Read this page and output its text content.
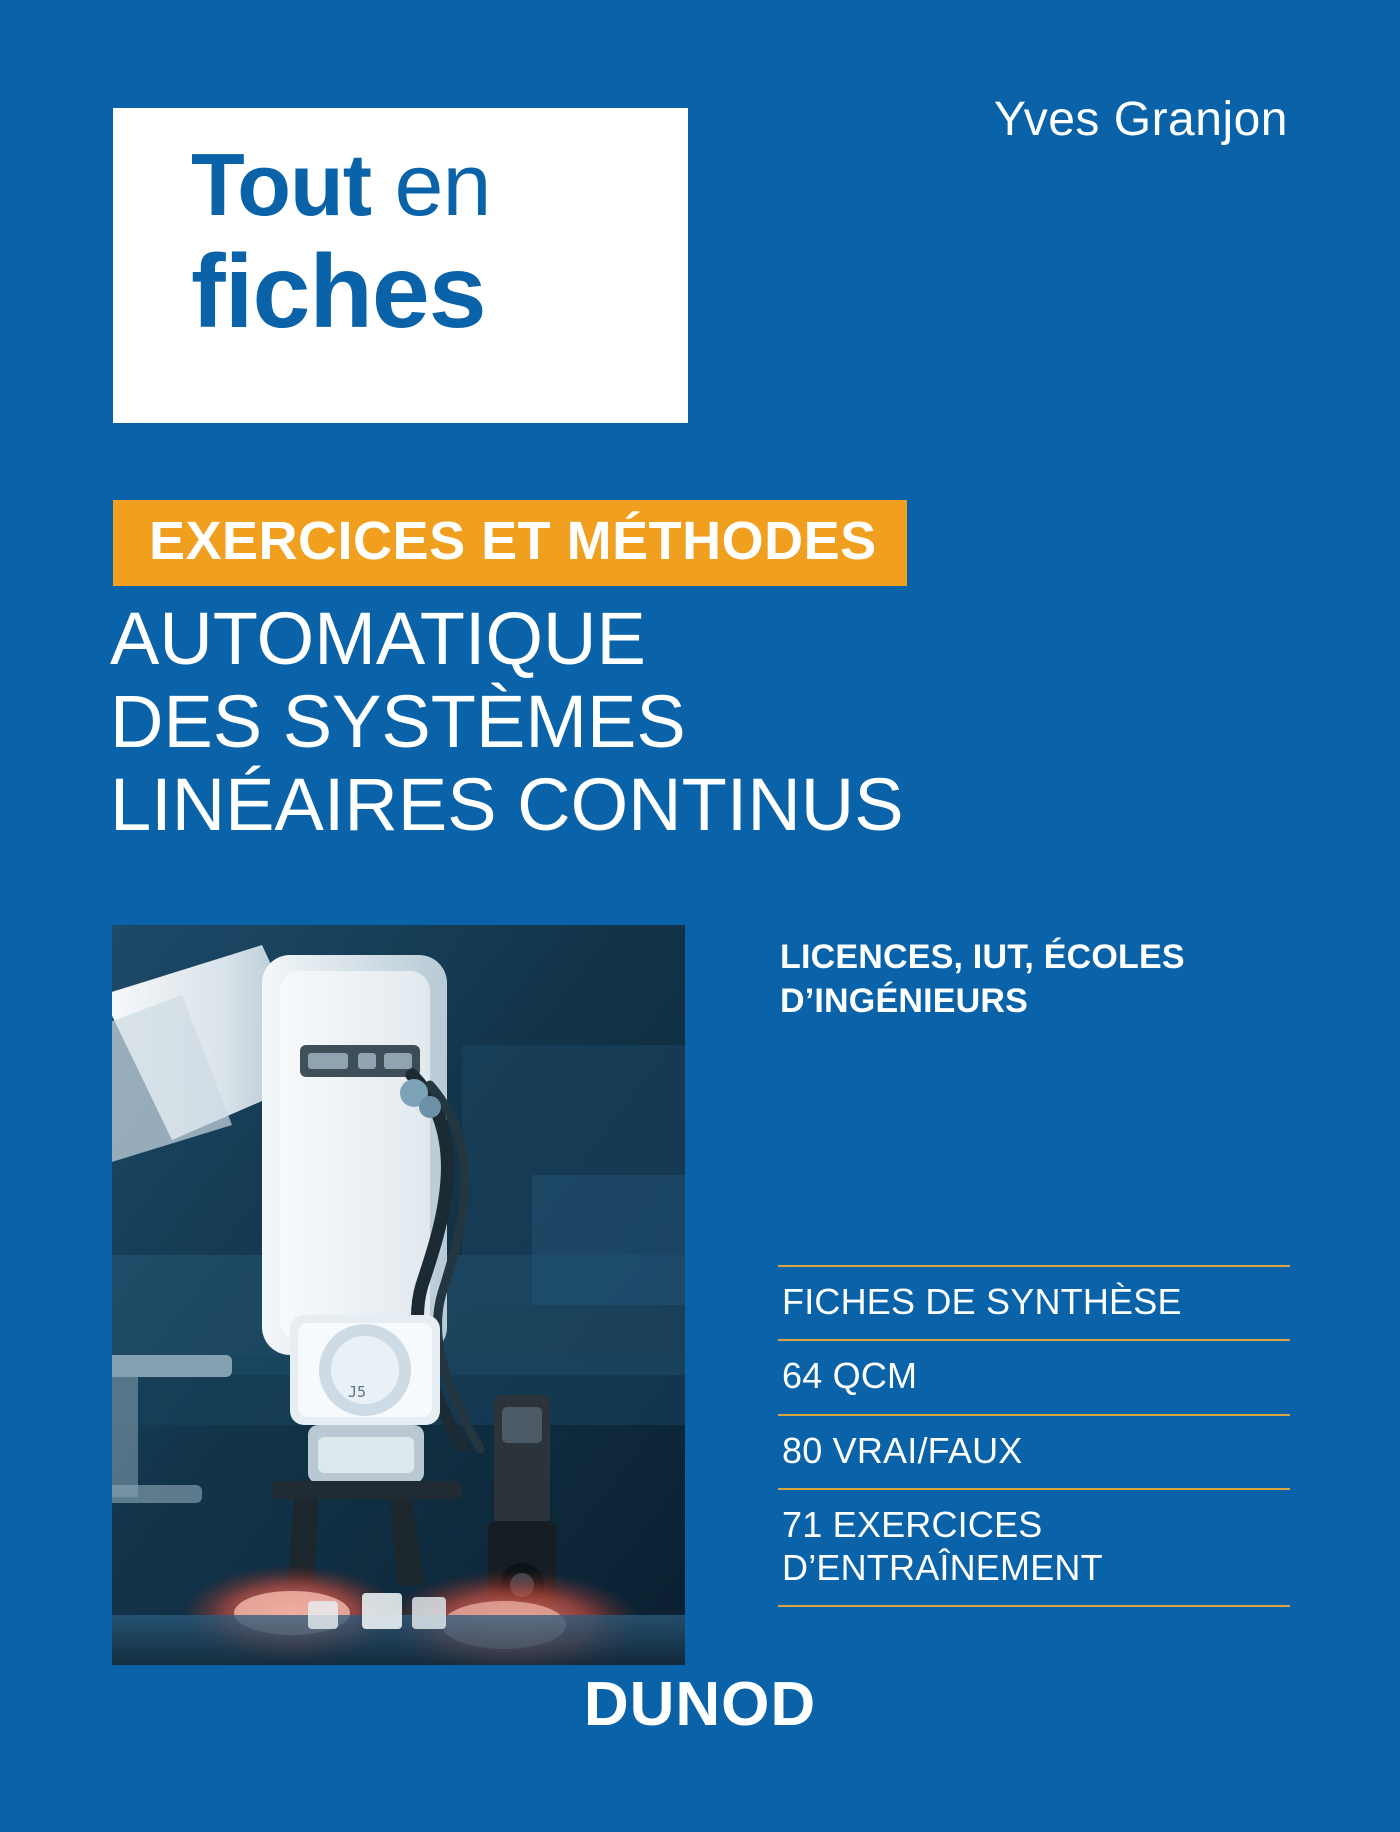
Yves Granjon
Tout en
fiches
EXERCICES ET MÉTHODES
AUTOMATIQUE
DES SYSTÈMES
LINÉAIRES CONTINUS
LICENCES, IUT, ÉCOLES
D’INGÉNIEURS
J5
FICHES DE SYNTHÈSE
64 QCM
80 VRAI/FAUX
71 EXERCICES D’ENTRAÎNEMENT
DUNOD
